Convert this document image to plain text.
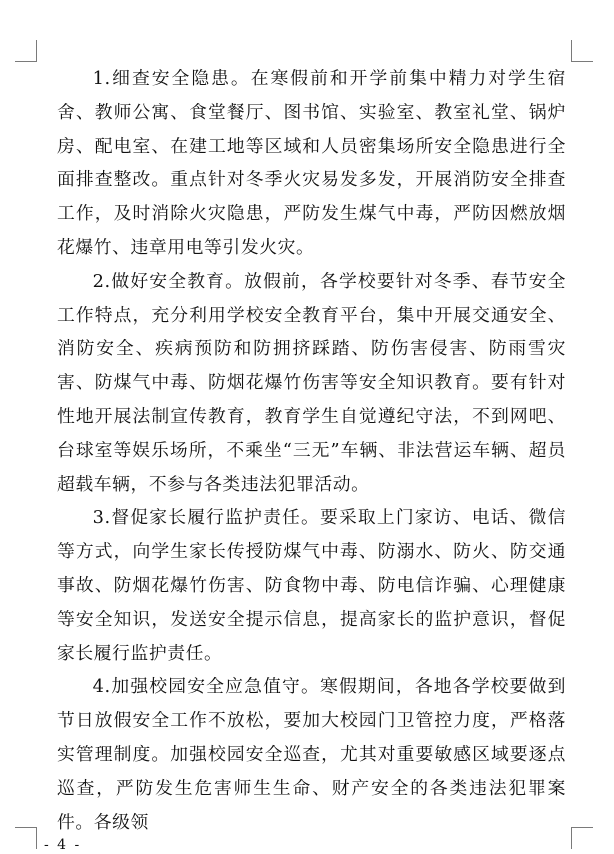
1.细查安全隐患。在寒假前和开学前集中精力对学生宿舍、教师公寓、食堂餐厅、图书馆、实验室、教室礼堂、锅炉房、配电室、在建工地等区域和人员密集场所安全隐患进行全面排查整改。重点针对冬季火灾易发多发，开展消防安全排查工作，及时消除火灾隐患，严防发生煤气中毒，严防因燃放烟花爆竹、违章用电等引发火灾。

2.做好安全教育。放假前，各学校要针对冬季、春节安全工作特点，充分利用学校安全教育平台，集中开展交通安全、消防安全、疾病预防和防拥挤踩踏、防伤害侵害、防雨雪灾害、防煤气中毒、防烟花爆竹伤害等安全知识教育。要有针对性地开展法制宣传教育，教育学生自觉遵纪守法，不到网吧、台球室等娱乐场所，不乘坐“三无”车辆、非法营运车辆、超员超载车辆，不参与各类违法犯罪活动。

3.督促家长履行监护责任。要采取上门家访、电话、微信等方式，向学生家长传授防煤气中毒、防溺水、防火、防交通事故、防烟花爆竹伤害、防食物中毒、防电信诈骗、心理健康等安全知识，发送安全提示信息，提高家长的监护意识，督促家长履行监护责任。

4.加强校园安全应急值守。寒假期间，各地各学校要做到节日放假安全工作不放松，要加大校园门卫管控力度，严格落实管理制度。加强校园安全巡查，尤其对重要敏感区域要逐点巡查，严防发生危害师生生命、财产安全的各类违法犯罪案件。各级领

- 4 -
